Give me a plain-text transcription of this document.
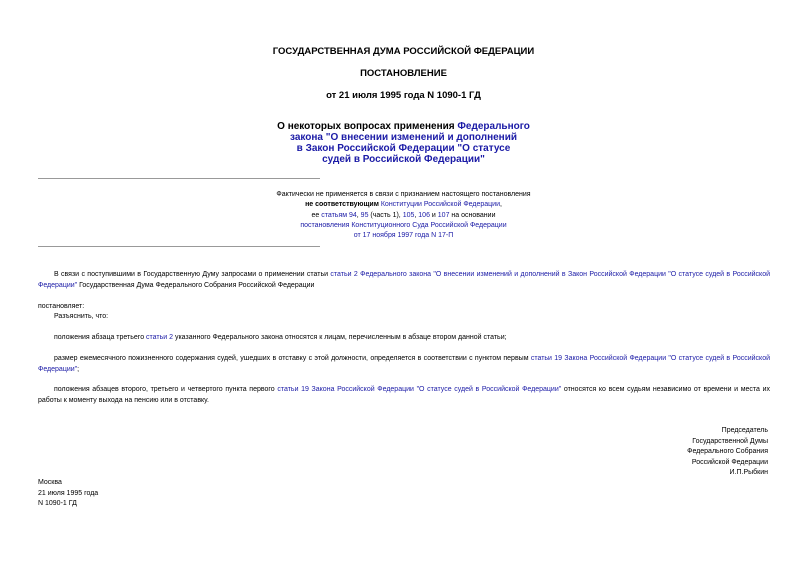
ГОСУДАРСТВЕННАЯ ДУМА РОССИЙСКОЙ ФЕДЕРАЦИИ
ПОСТАНОВЛЕНИЕ
от 21 июля 1995 года N 1090-1 ГД
О некоторых вопросах применения Федерального
закона "О внесении изменений и дополнений
в Закон Российской Федерации "О статусе
судей в Российской Федерации"
Фактически не применяется в связи с признанием настоящего постановления
не соответствующим Конституции Российской Федерации,
ее статьям 94, 95 (часть 1), 105, 106 и 107 на основании
постановления Конституционного Суда Российской Федерации
от 17 ноября 1997 года N 17-П
В связи с поступившими в Государственную Думу запросами о применении статьи статьи 2 Федерального закона "О внесении изменений и дополнений в Закон Российской Федерации "О статусе судей в Российской Федерации" Государственная Дума Федерального Собрания Российской Федерации
постановляет:
Разъяснить, что:
положения абзаца третьего статьи 2 указанного Федерального закона относятся к лицам, перечисленным в абзаце втором данной статьи;
размер ежемесячного пожизненного содержания судей, ушедших в отставку с этой должности, определяется в соответствии с пунктом первым статьи 19 Закона Российской Федерации "О статусе судей в Российской Федерации";
положения абзацев второго, третьего и четвертого пункта первого статьи 19 Закона Российской Федерации "О статусе судей в Российской Федерации" относятся ко всем судьям независимо от времени и места их работы к моменту выхода на пенсию или в отставку.
Председатель
Государственной Думы
Федерального Собрания
Российской Федерации
И.П.Рыбкин
Москва
21 июля 1995 года
N 1090-1 ГД
